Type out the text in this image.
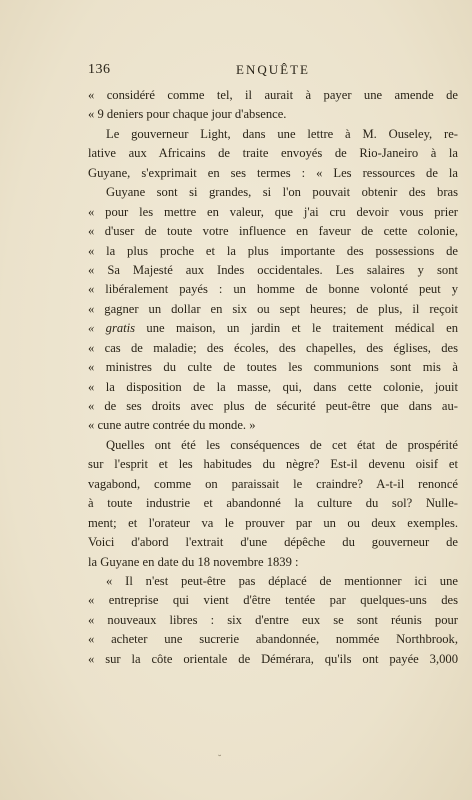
136	ENQUÊTE
« considéré comme tel, il aurait à payer une amende de
« 9 deniers pour chaque jour d'absence.
Le gouverneur Light, dans une lettre à M. Ouseley, re-
lative aux Africains de traite envoyés de Rio-Janeiro à la
Guyane, s'exprimait en ses termes : « Les ressources de la
Guyane sont si grandes, si l'on pouvait obtenir des bras
« pour les mettre en valeur, que j'ai cru devoir vous prier
« d'user de toute votre influence en faveur de cette colonie,
« la plus proche et la plus importante des possessions de
« Sa Majesté aux Indes occidentales. Les salaires y sont
« libéralement payés : un homme de bonne volonté peut y
« gagner un dollar en six ou sept heures; de plus, il reçoit
« gratis une maison, un jardin et le traitement médical en
« cas de maladie; des écoles, des chapelles, des églises, des
« ministres du culte de toutes les communions sont mis à
« la disposition de la masse, qui, dans cette colonie, jouit
« de ses droits avec plus de sécurité peut-être que dans au-
« cune autre contrée du monde. »
Quelles ont été les conséquences de cet état de prospérité
sur l'esprit et les habitudes du nègre? Est-il devenu oisif et
vagabond, comme on paraissait le craindre? A-t-il renoncé
à toute industrie et abandonné la culture du sol? Nulle-
ment; et l'orateur va le prouver par un ou deux exemples.
Voici d'abord l'extrait d'une dépêche du gouverneur de
la Guyane en date du 18 novembre 1839 :
« Il n'est peut-être pas déplacé de mentionner ici une
« entreprise qui vient d'être tentée par quelques-uns des
« nouveaux libres : six d'entre eux se sont réunis pour
« acheter une sucrerie abandonnée, nommée Northbrook,
« sur la côte orientale de Démérara, qu'ils ont payée 3,000
˘
